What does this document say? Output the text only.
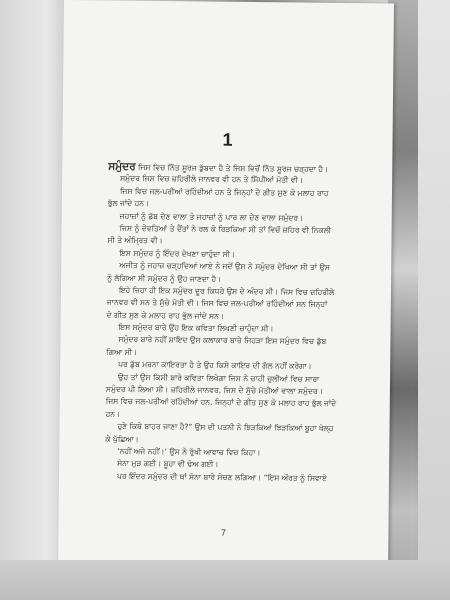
1
ਸਮੁੰਦਰ ਜਿਸ ਵਿਚ ਨਿੱਤ ਸੂਰਜ ਡੁੱਬਦਾ ਹੈ ਤੇ ਜਿਸ ਵਿਚੋਂ ਨਿੱਤ ਸੂਰਜ ਚੜ੍ਹਦਾ ਹੈ।
ਸਮੁੰਦਰ ਜਿਸ ਵਿਚ ਜ਼ਹਿਰੀਲੇ ਜਾਨਵਰ ਵੀ ਹਨ ਤੇ ਸਿੱਪੀਆਂ ਮੋਤੀ ਵੀ।
ਜਿਸ ਵਿਚ ਜਲ-ਪਰੀਆਂ ਰਹਿੰਦੀਆਂ ਹਨ ਤੇ ਜਿਨ੍ਹਾਂ ਦੇ ਗੀਤ ਸੁਣ ਕੇ ਮਲਾਹ ਰਾਹ
ਭੁੱਲ ਜਾਂਦੇ ਹਨ।
ਜਹਾਜ਼ਾਂ ਨੂੰ ਡੋਬ ਦੇਣ ਵਾਲਾ ਤੇ ਜਹਾਜ਼ਾਂ ਨੂੰ ਪਾਰ ਲਾ ਦੇਣ ਵਾਲਾ ਸਮੁੰਦਰ।
ਜਿਸ ਨੂੰ ਦੇਵਤਿਆਂ ਤੇ ਦੈਂਤਾਂ ਨੇ ਰਲ ਕੇ ਰਿੜਕਿਆ ਸੀ ਤਾਂ ਵਿਚੋਂ ਜ਼ਹਿਰ ਵੀ ਨਿਕਲੀ
ਸੀ ਤੇ ਅੰਮ੍ਰਿਤ ਵੀ।
ਇਸ ਸਮੁੰਦਰ ਨੂੰ ਇੰਦਰ ਦੇਖਣਾ ਚਾਹੁੰਦਾ ਸੀ।
ਅਜੀਤ ਨੂੰ ਜਹਾਜ਼ ਚੜ੍ਹਦਿਆਂ ਆਏ ਨੇ ਜਦੋਂ ਉਸ ਨੇ ਸਮੁੰਦਰ ਦੇਖਿਆ ਸੀ ਤਾਂ ਉਸ
ਨੂੰ ਲੱਗਿਆ ਸੀ ਸਮੁੰਦਰ ਨੂੰ ਉਹ ਜਾਣਦਾ ਹੈ।
ਇਹੋ ਜਿਹਾ ਹੀ ਇਕ ਸਮੁੰਦਰ ਦੂਰ ਕਿਧਰੇ ਉਸ ਦੇ ਅੰਦਰ ਸੀ। ਜਿਸ ਵਿਚ ਜ਼ਹਿਰੀਲੇ
ਜਾਨਵਰ ਵੀ ਸਨ ਤੇ ਸੁੱਚੇ ਮੋਤੀ ਵੀ। ਜਿਸ ਵਿਚ ਜਲ-ਪਰੀਆਂ ਰਹਿੰਦੀਆਂ ਸਨ ਜਿਨ੍ਹਾਂ
ਦੇ ਗੀਤ ਸੁਣ ਕੇ ਮਲਾਹ ਰਾਹ ਭੁੱਲ ਜਾਂਦੇ ਸਨ।
ਇਸ ਸਮੁੰਦਰ ਬਾਰੇ ਉਹ ਇਕ ਕਵਿਤਾ ਲਿਖਣੀ ਚਾਹੁੰਦਾ ਸੀ।
ਸਮੁੰਦਰ ਬਾਰੇ ਨਹੀਂ ਸ਼ਾਇਦ ਉਸ ਕਲਾਕਾਰ ਬਾਰੇ ਜਿਹੜਾ ਇਸ ਸਮੁੰਦਰ ਵਿਚ ਡੁੱਬ
ਗਿਆ ਸੀ।
ਪਰ ਡੁੱਬ ਮਰਨਾ ਕਾਇਰਤਾ ਹੈ ਤੇ ਉਹ ਕਿਸੇ ਕਾਇਰ ਦੀ ਗੱਲ ਨਹੀਂ ਕਰੇਗਾ।
ਉਹ ਤਾਂ ਉਸ ਕਿਸੀ ਬਾਰੇ ਕਵਿਤਾ ਲਿਖੇਗਾ ਜਿਸ ਨੇ ਚਾਹੀ ਚੁਲੀਆਂ ਵਿਚ ਸਾਰਾ
ਸਮੁੰਦਰ ਪੀ ਲਿਆ ਸੀ। ਜ਼ਹਿਰੀਲੇ ਜਾਨਵਰ, ਜਿਸ ਦੇ ਸੁੱਚੇ ਮੋਤੀਆਂ ਵਾਲਾ ਸਮੁੰਦਰ।
ਜਿਸ ਵਿਚ ਜਲ-ਪਰੀਆਂ ਰਹਿੰਦੀਆਂ ਹਨ, ਜਿਨ੍ਹਾਂ ਦੇ ਗੀਤ ਸੁਣ ਕੇ ਮਲਾਹ ਰਾਹ ਭੁੱਲ ਜਾਂਦੇ
ਹਨ।
ਹੁਣੇ ਕਿਥੇ ਬਾਹਰ ਜਾਣਾ ਹੈ?” ਉਸ ਦੀ ਪਤਨੀ ਨੇ ਝਿੜਕਿਆਂ ਝਿੜਕਿਆਂ ਬੂਹਾ ਖੋਲ੍ਹ
ਕੇ ਪੁੱਛਿਆ।
‘ਨਹੀਂ ਅਜੇ ਨਹੀਂ।’ ਉਸ ਨੇ ਰੁੱਖੀ ਆਵਾਜ਼ ਵਿਚ ਕਿਹਾ।
ਸੋਨਾ ਮੁੜ ਗਈ। ਬੂਹਾ ਵੀ ਢੋਅ ਗਈ।
ਪਰ ਇੰਦਰ ਸਮੁੰਦਰ ਦੀ ਥਾਂ ਸੋਨਾ ਬਾਰੇ ਸੋਚਣ ਲਗਿਆ। “ਇਸ ਔਰਤ ਨੂੰ ਸਿਵਾਏ
7
